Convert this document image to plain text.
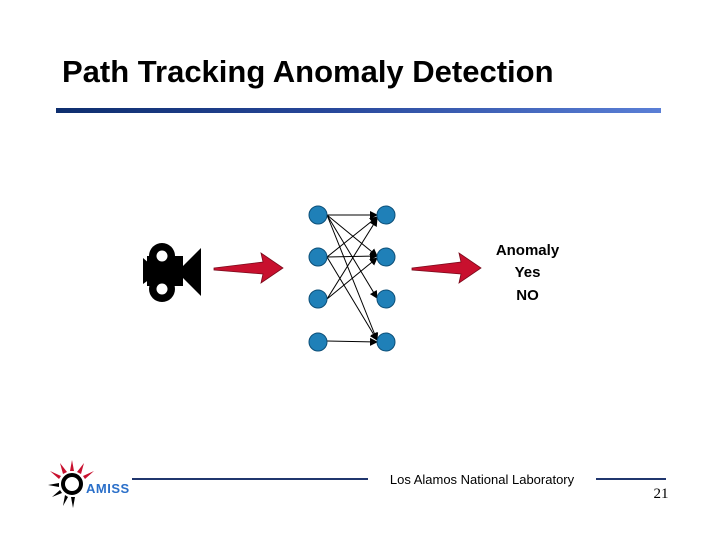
Path Tracking Anomaly Detection
Anomaly
Yes
NO
AMISS
Los Alamos National Laboratory
21
